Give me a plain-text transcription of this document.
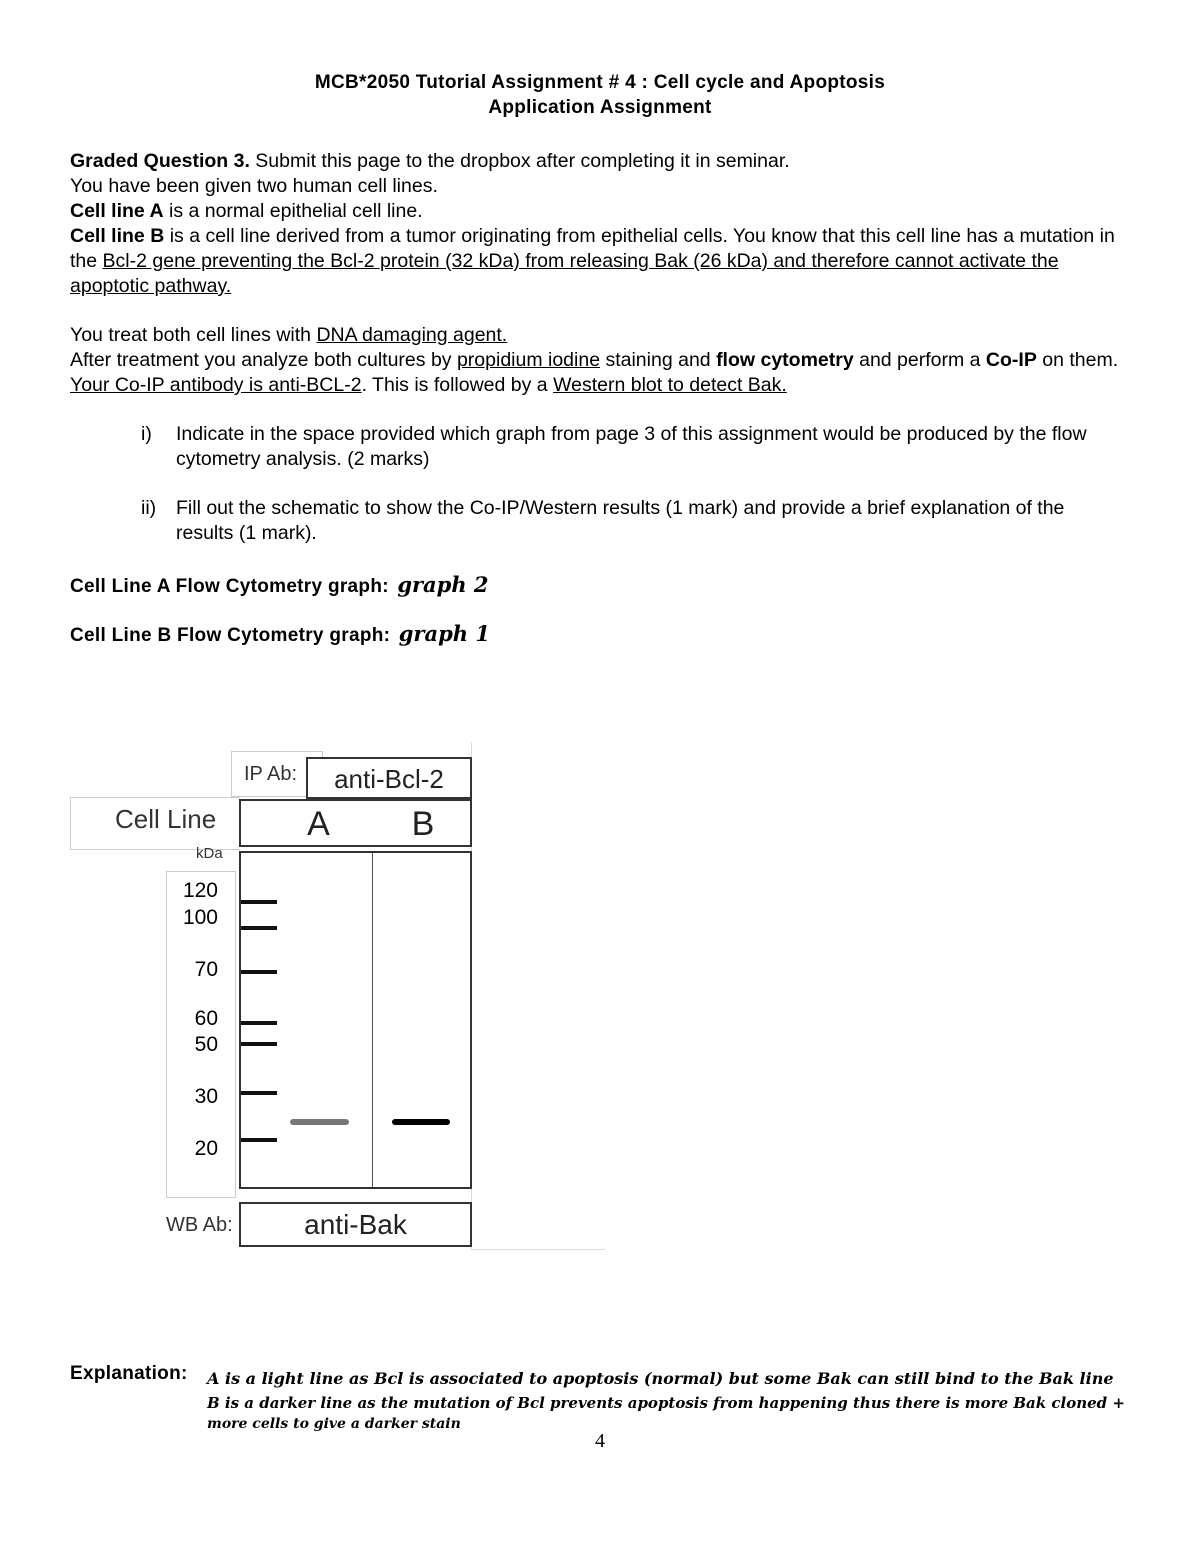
MCB*2050 Tutorial Assignment # 4 : Cell cycle and Apoptosis
Application Assignment
Graded Question 3. Submit this page to the dropbox after completing it in seminar.
You have been given two human cell lines.
Cell line A is a normal epithelial cell line.
Cell line B is a cell line derived from a tumor originating from epithelial cells. You know that this cell line has a mutation in the Bcl-2 gene preventing the Bcl-2 protein (32 kDa) from releasing Bak (26 kDa) and therefore cannot activate the apoptotic pathway.
You treat both cell lines with DNA damaging agent.
After treatment you analyze both cultures by propidium iodine staining and flow cytometry and perform a Co-IP on them. Your Co-IP antibody is anti-BCL-2. This is followed by a Western blot to detect Bak.
i) Indicate in the space provided which graph from page 3 of this assignment would be produced by the flow cytometry analysis. (2 marks)
ii) Fill out the schematic to show the Co-IP/Western results (1 mark) and provide a brief explanation of the results (1 mark).
Cell Line A Flow Cytometry graph: graph 2
Cell Line B Flow Cytometry graph: graph 1
IP Ab:	anti-Bcl-2
Cell Line	A	B
kDa
120
100
70
60
50
30
20
WB Ab:	anti-Bak
Explanation: A is a light line as Bcl is associated to apoptosis (normal) but some Bak can still bind to the Bak line
B is a darker line as the mutation of Bcl prevents apoptosis from happening thus there is more Bak cloned +
more cells to give a darker stain
4
